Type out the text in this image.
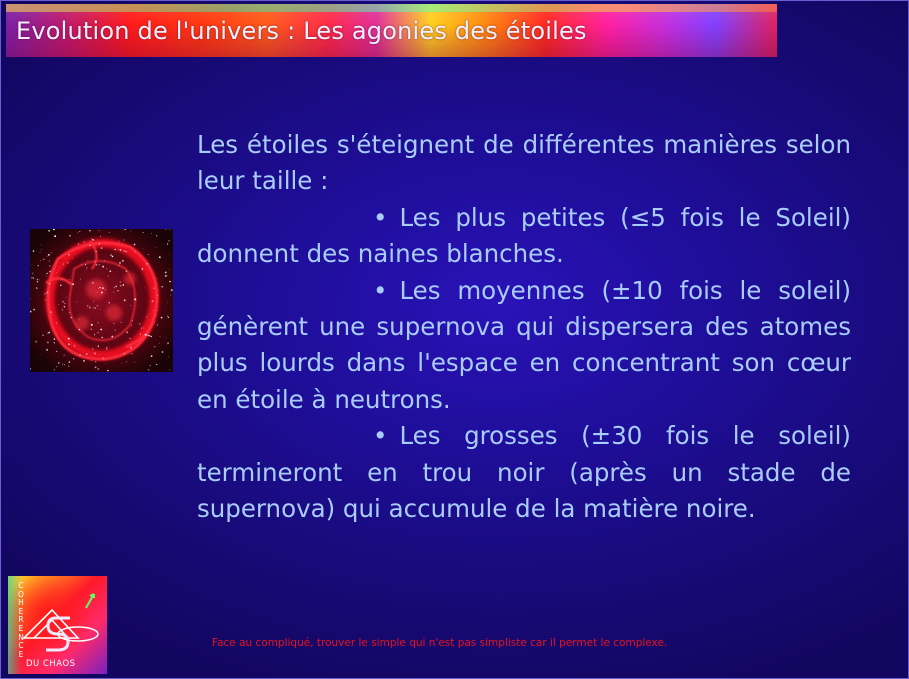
Evolution de l'univers : Les agonies des étoiles

Les étoiles s'éteignent de différentes manières selon leur taille :

• Les plus petites (≤5 fois le Soleil) donnent des naines blanches.

• Les moyennes (±10 fois le soleil) génèrent une supernova qui dispersera des atomes plus lourds dans l'espace en concentrant son cœur en étoile à neutrons.

• Les grosses (±30 fois le soleil) termineront en trou noir (après un stade de supernova) qui accumule de la matière noire.

COHERENCE
DU CHAOS
Face au compliqué, trouver le simple qui n'est pas simpliste car il permet le complexe.
